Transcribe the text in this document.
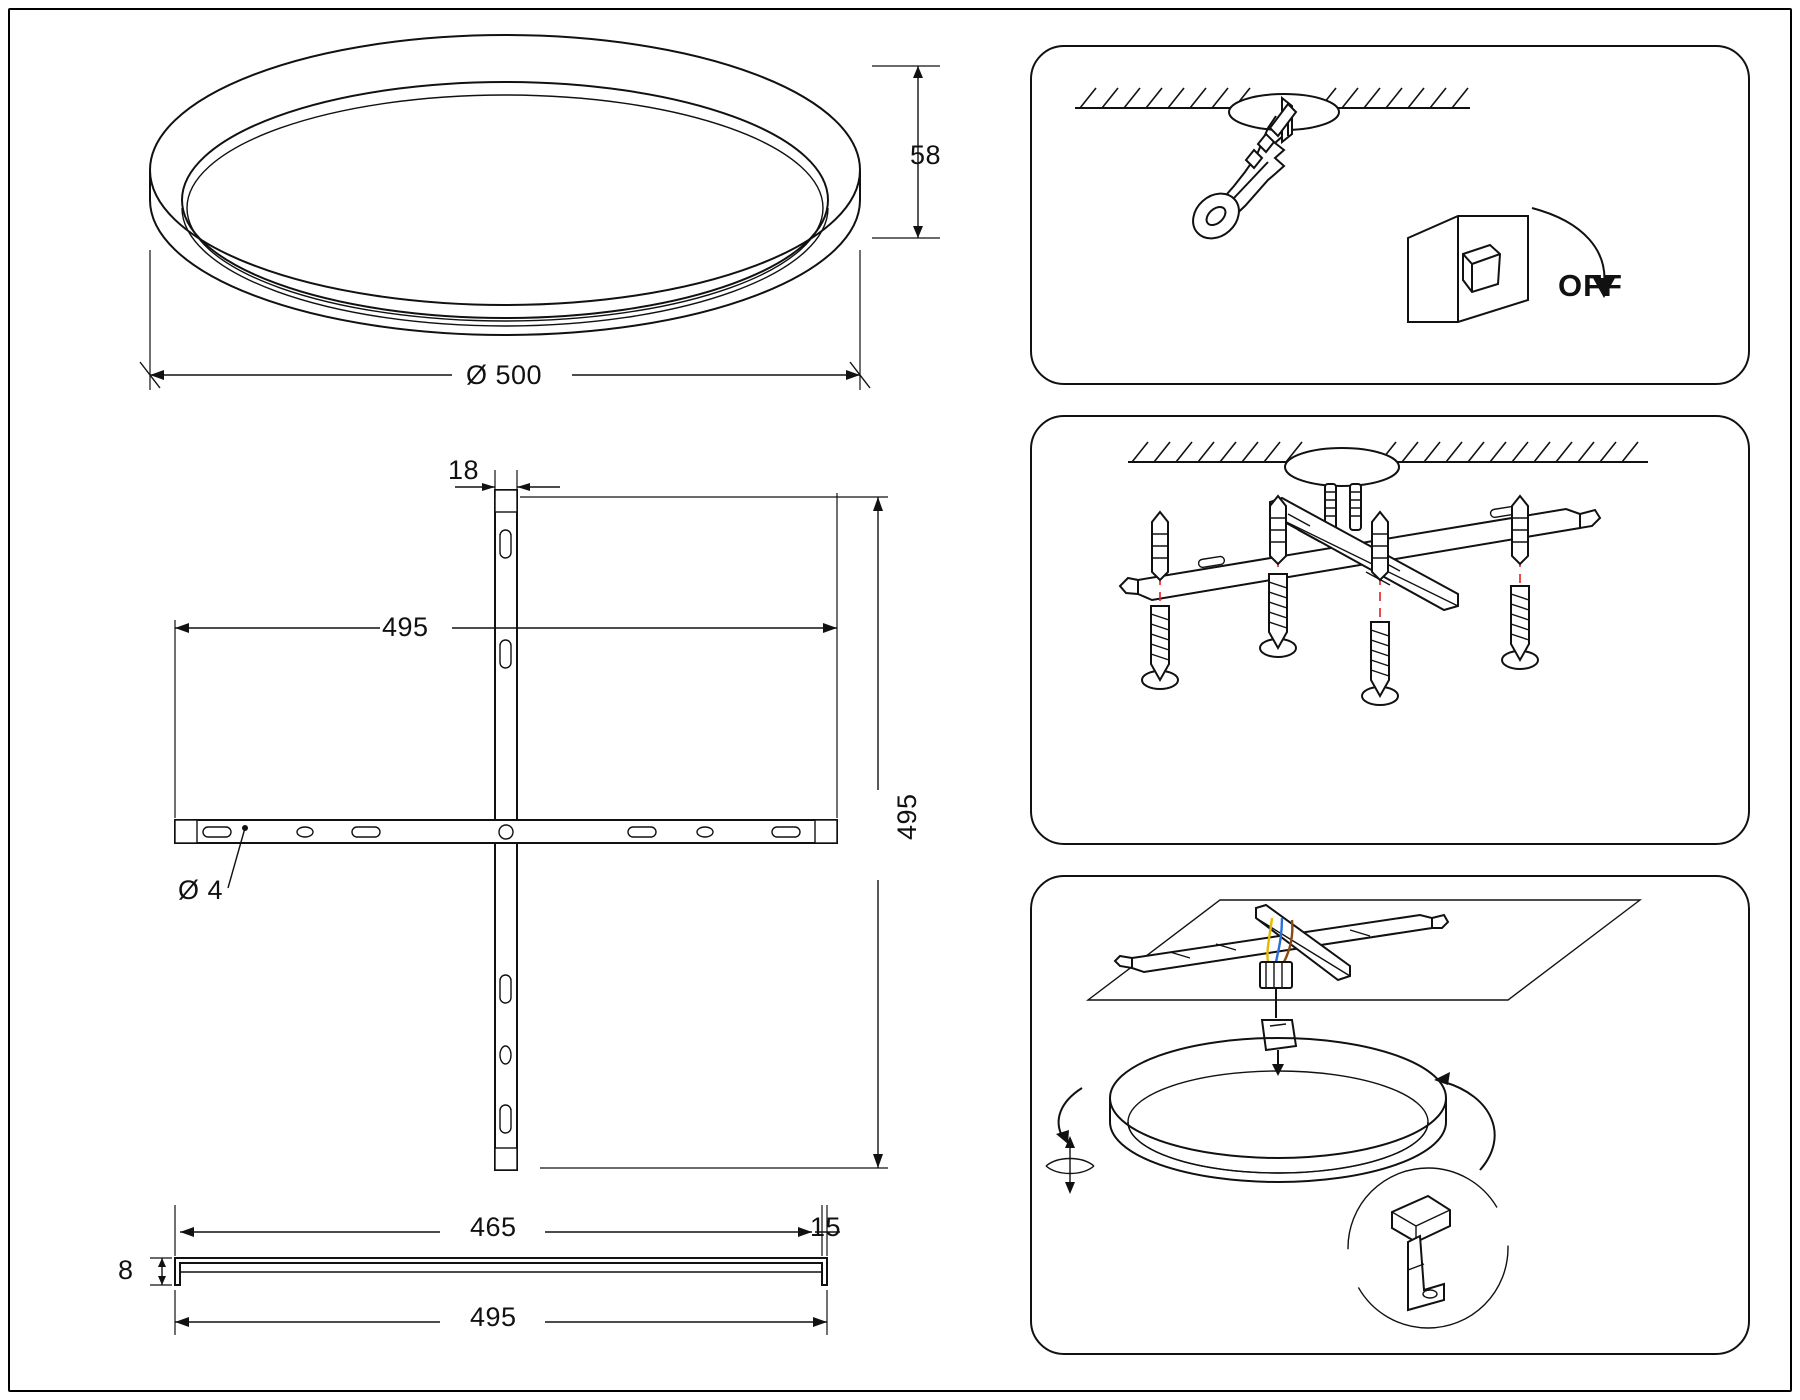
58
Ø 500
18
495
495
Ø 4
465	15
8
495
OFF
